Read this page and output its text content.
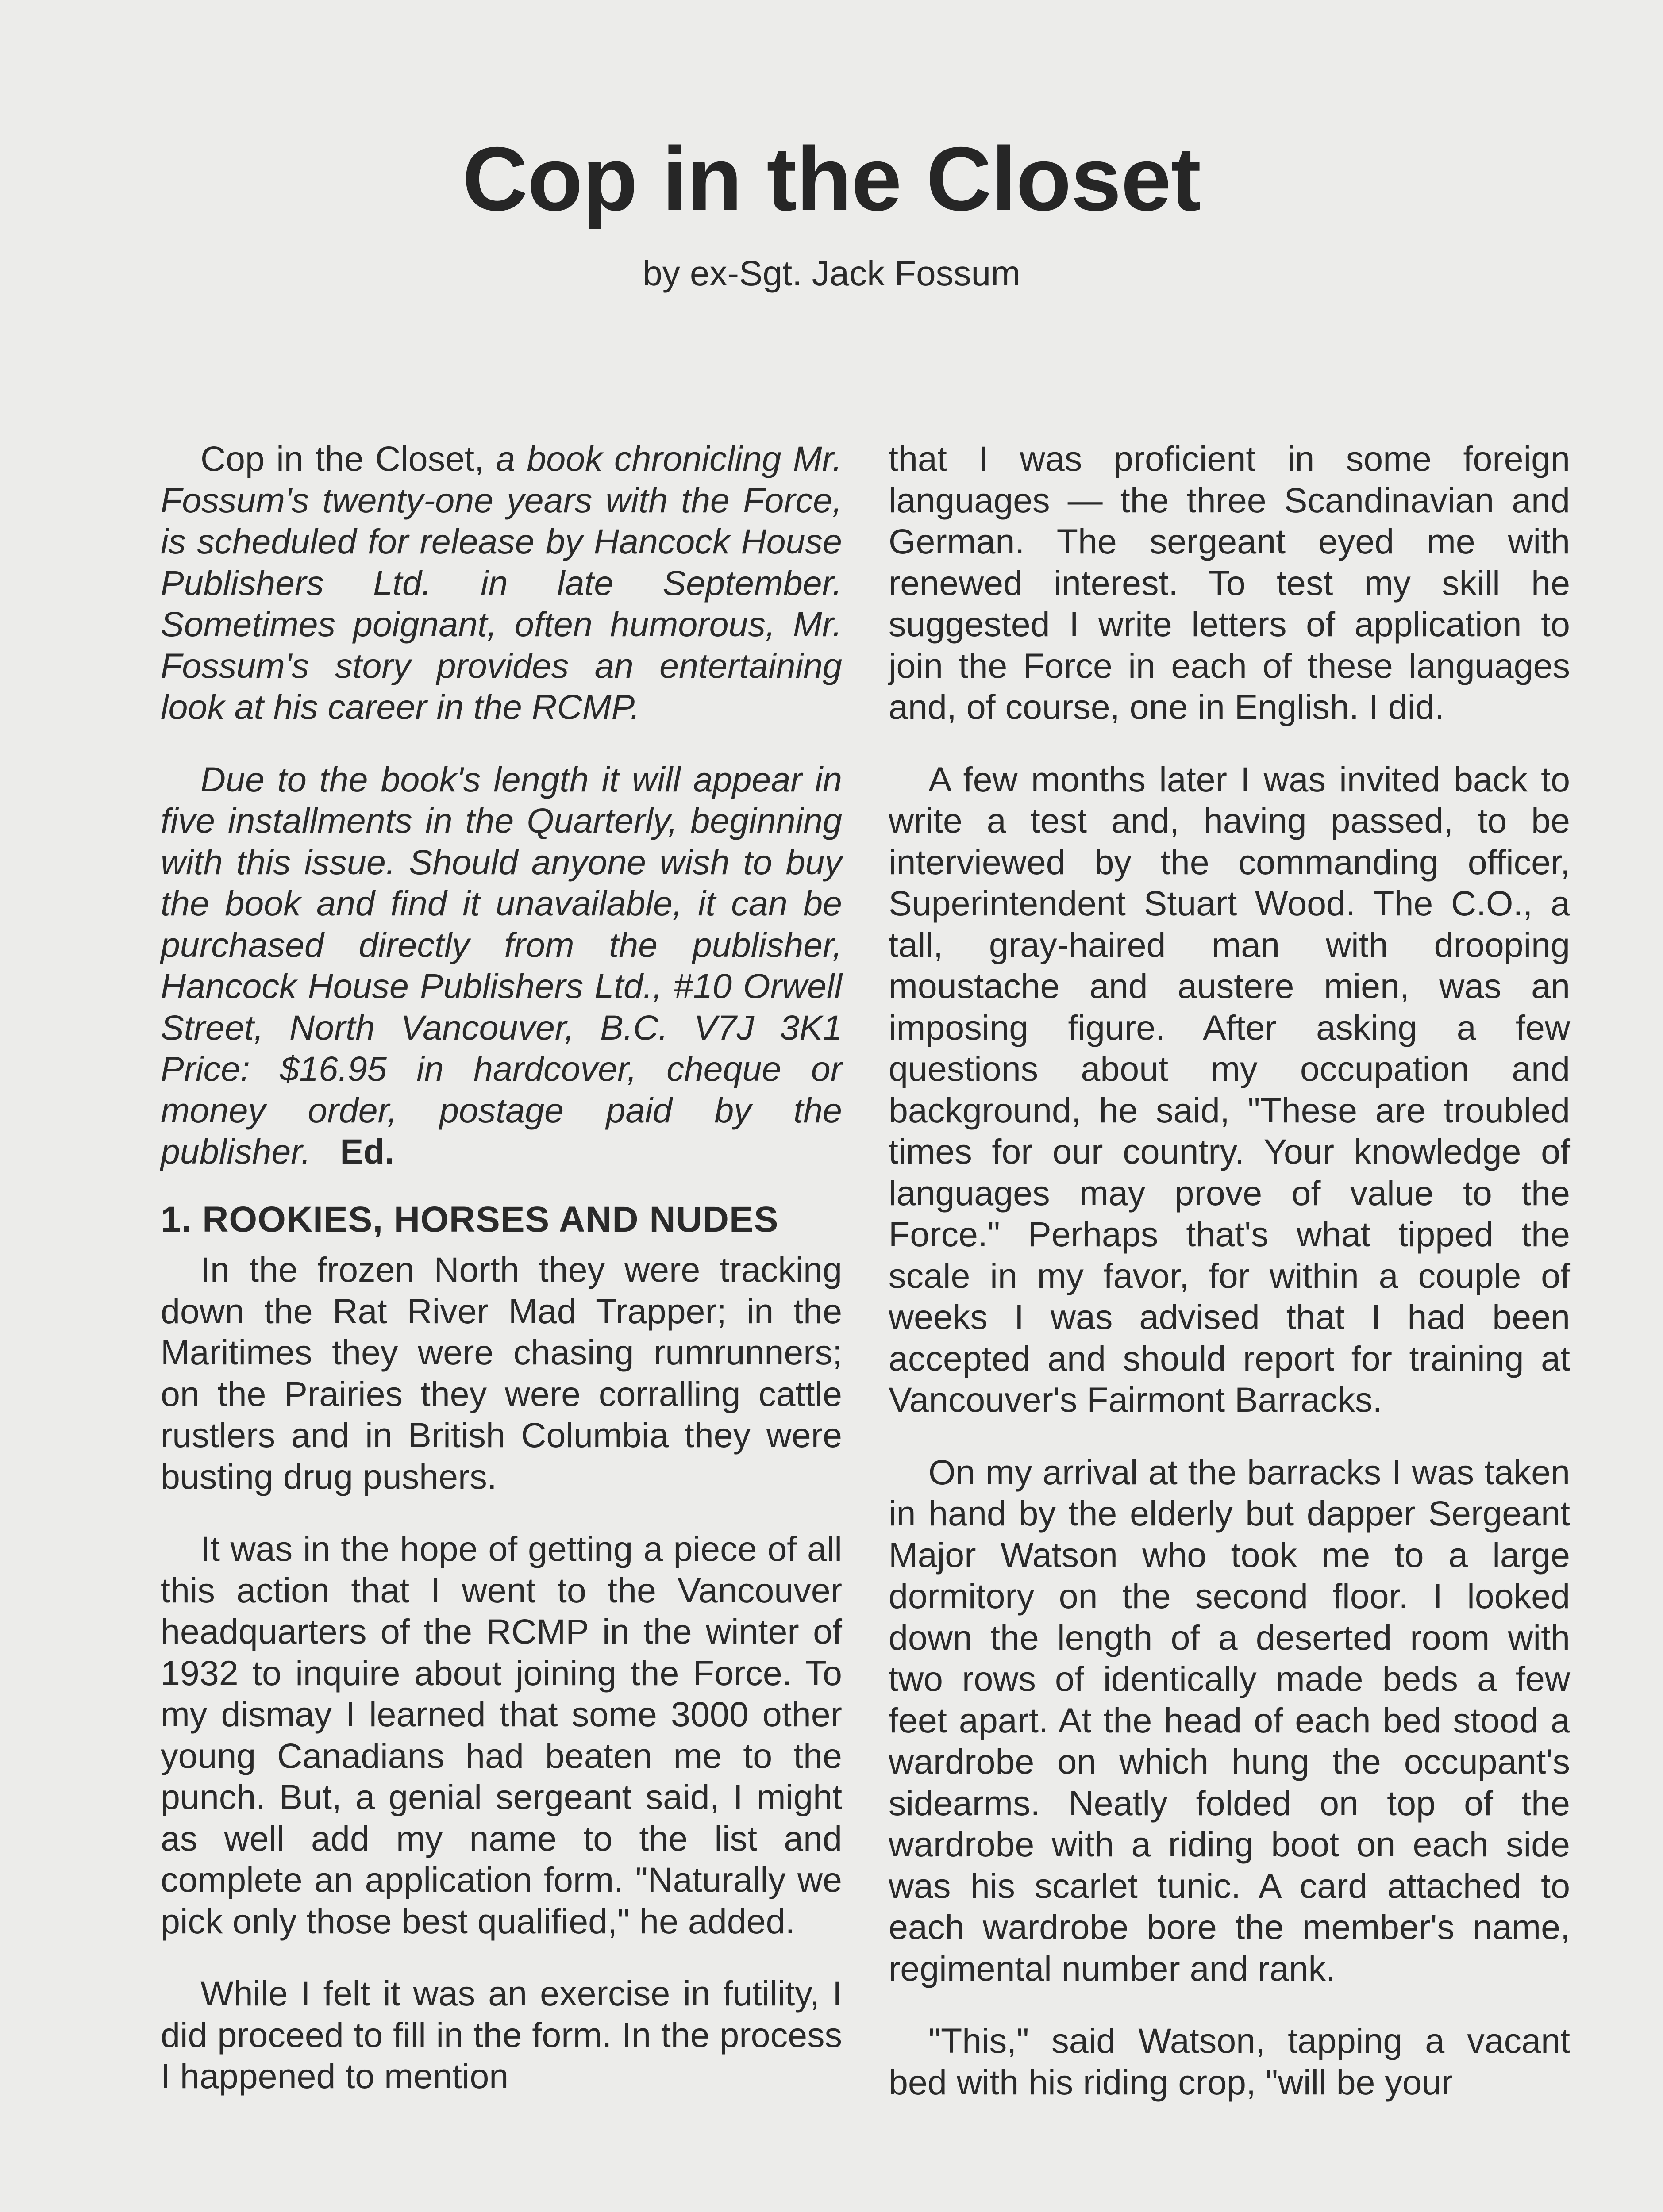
Cop in the Closet

by ex-Sgt. Jack Fossum

Cop in the Closet, a book chronicling Mr. Fossum's twenty-one years with the Force, is scheduled for release by Hancock House Publishers Ltd. in late September. Sometimes poignant, often humorous, Mr. Fossum's story provides an entertaining look at his career in the RCMP.

Due to the book's length it will appear in five installments in the Quarterly, beginning with this issue. Should anyone wish to buy the book and find it unavailable, it can be purchased directly from the publisher, Hancock House Publishers Ltd., #10 Orwell Street, North Vancouver, B.C. V7J 3K1 Price: $16.95 in hardcover, cheque or money order, postage paid by the publisher. Ed.

1. ROOKIES, HORSES AND NUDES

In the frozen North they were tracking down the Rat River Mad Trapper; in the Maritimes they were chasing rumrunners; on the Prairies they were corralling cattle rustlers and in British Columbia they were busting drug pushers.

It was in the hope of getting a piece of all this action that I went to the Vancouver headquarters of the RCMP in the winter of 1932 to inquire about joining the Force. To my dismay I learned that some 3000 other young Canadians had beaten me to the punch. But, a genial sergeant said, I might as well add my name to the list and complete an application form. "Naturally we pick only those best qualified," he added.

While I felt it was an exercise in futility, I did proceed to fill in the form. In the process I happened to mention

that I was proficient in some foreign languages — the three Scandinavian and German. The sergeant eyed me with renewed interest. To test my skill he suggested I write letters of application to join the Force in each of these languages and, of course, one in English. I did.

A few months later I was invited back to write a test and, having passed, to be interviewed by the commanding officer, Superintendent Stuart Wood. The C.O., a tall, gray-haired man with drooping moustache and austere mien, was an imposing figure. After asking a few questions about my occupation and background, he said, "These are troubled times for our country. Your knowledge of languages may prove of value to the Force." Perhaps that's what tipped the scale in my favor, for within a couple of weeks I was advised that I had been accepted and should report for training at Vancouver's Fairmont Barracks.

On my arrival at the barracks I was taken in hand by the elderly but dapper Sergeant Major Watson who took me to a large dormitory on the second floor. I looked down the length of a deserted room with two rows of identically made beds a few feet apart. At the head of each bed stood a wardrobe on which hung the occupant's sidearms. Neatly folded on top of the wardrobe with a riding boot on each side was his scarlet tunic. A card attached to each wardrobe bore the member's name, regimental number and rank.

"This," said Watson, tapping a vacant bed with his riding crop, "will be your
